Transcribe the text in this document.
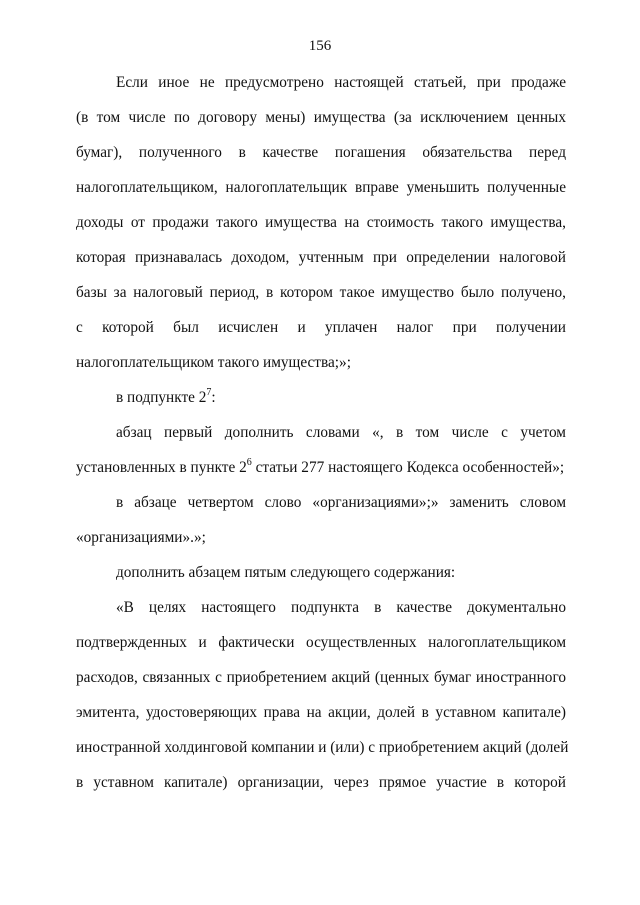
156
Если иное не предусмотрено настоящей статьей, при продаже
(в том числе по договору мены) имущества (за исключением ценных
бумаг), полученного в качестве погашения обязательства перед
налогоплательщиком, налогоплательщик вправе уменьшить полученные
доходы от продажи такого имущества на стоимость такого имущества,
которая признавалась доходом, учтенным при определении налоговой
базы за налоговый период, в котором такое имущество было получено,
с которой был исчислен и уплачен налог при получении
налогоплательщиком такого имущества;»;
в подпункте $2^7$:
абзац первый дополнить словами «, в том числе с учетом
установленных в пункте $2^6$ статьи 277 настоящего Кодекса особенностей»;
в абзаце четвертом слово «организациями»;» заменить словом
«организациями».»;
дополнить абзацем пятым следующего содержания:
«В целях настоящего подпункта в качестве документально
подтвержденных и фактически осуществленных налогоплательщиком
расходов, связанных с приобретением акций (ценных бумаг иностранного
эмитента, удостоверяющих права на акции, долей в уставном капитале)
иностранной холдинговой компании и (или) с приобретением акций (долей
в уставном капитале) организации, через прямое участие в которой
